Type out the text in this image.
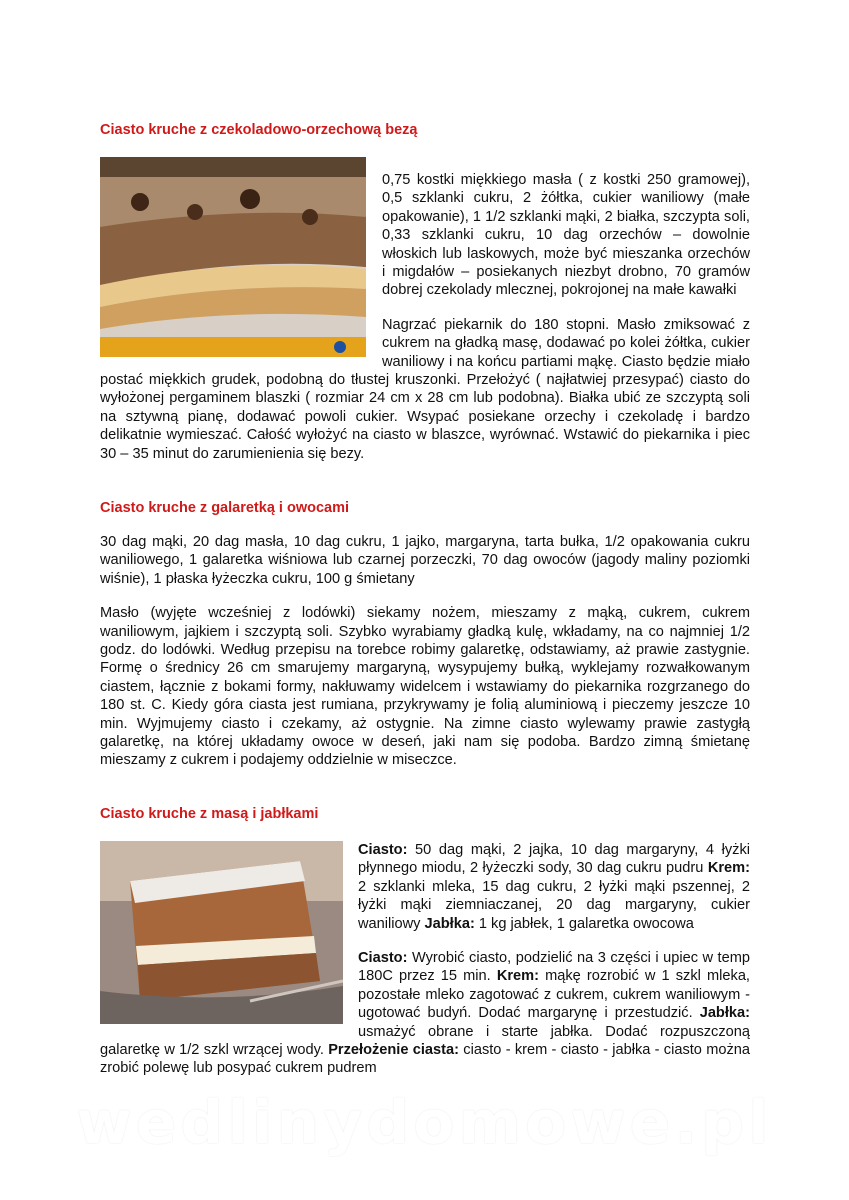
Ciasto kruche z czekoladowo-orzechową bezą

0,75 kostki miękkiego masła ( z kostki 250 gramowej), 0,5 szklanki cukru, 2 żółtka, cukier waniliowy (małe opakowanie), 1 1/2 szklanki mąki, 2 białka, szczypta soli, 0,33 szklanki cukru, 10 dag orzechów – dowolnie włoskich lub laskowych, może być mieszanka orzechów i migdałów – posiekanych niezbyt drobno, 70 gramów dobrej czekolady mlecznej, pokrojonej na małe kawałki

Nagrzać piekarnik do 180 stopni. Masło zmiksować z cukrem na gładką masę, dodawać po kolei żółtka, cukier waniliowy i na końcu partiami mąkę. Ciasto będzie miało postać miękkich grudek, podobną do tłustej kruszonki. Przełożyć ( najłatwiej przesypać) ciasto do wyłożonej pergaminem blaszki ( rozmiar 24 cm x 28 cm lub podobna). Białka ubić ze szczyptą soli na sztywną pianę, dodawać powoli cukier. Wsypać posiekane orzechy i czekoladę i bardzo delikatnie wymieszać. Całość wyłożyć na ciasto w blaszce, wyrównać. Wstawić do piekarnika i piec 30 – 35 minut do zarumienienia się bezy.

Ciasto kruche z galaretką i owocami

30 dag mąki, 20 dag masła, 10 dag cukru, 1 jajko, margaryna, tarta bułka, 1/2 opakowania cukru waniliowego, 1 galaretka wiśniowa lub czarnej porzeczki, 70 dag owoców (jagody maliny poziomki wiśnie), 1 płaska łyżeczka cukru, 100 g śmietany

Masło (wyjęte wcześniej z lodówki) siekamy nożem, mieszamy z mąką, cukrem, cukrem waniliowym, jajkiem i szczyptą soli. Szybko wyrabiamy gładką kulę, wkładamy, na co najmniej 1/2 godz. do lodówki. Według przepisu na torebce robimy galaretkę, odstawiamy, aż prawie zastygnie. Formę o średnicy 26 cm smarujemy margaryną, wysypujemy bułką, wyklejamy rozwałkowanym ciastem, łącznie z bokami formy, nakłuwamy widelcem i wstawiamy do piekarnika rozgrzanego do 180 st. C. Kiedy góra ciasta jest rumiana, przykrywamy je folią aluminiową i pieczemy jeszcze 10 min. Wyjmujemy ciasto i czekamy, aż ostygnie. Na zimne ciasto wylewamy prawie zastygłą galaretkę, na której układamy owoce w deseń, jaki nam się podoba. Bardzo zimną śmietanę mieszamy z cukrem i podajemy oddzielnie w miseczce.

Ciasto kruche z masą i jabłkami

Ciasto: 50 dag mąki, 2 jajka, 10 dag margaryny, 4 łyżki płynnego miodu, 2 łyżeczki sody, 30 dag cukru pudru Krem: 2 szklanki mleka, 15 dag cukru, 2 łyżki mąki pszennej, 2 łyżki mąki ziemniaczanej, 20 dag margaryny, cukier waniliowy Jabłka: 1 kg jabłek, 1 galaretka owocowa

Ciasto: Wyrobić ciasto, podzielić na 3 części i upiec w temp 180C przez 15 min. Krem: mąkę rozrobić w 1 szkl mleka, pozostałe mleko zagotować z cukrem, cukrem waniliowym - ugotować budyń. Dodać margarynę i przestudzić. Jabłka: usmażyć obrane i starte jabłka. Dodać rozpuszczoną galaretkę w 1/2 szkl wrzącej wody. Przełożenie ciasta: ciasto - krem - ciasto - jabłka - ciasto można zrobić polewę lub posypać cukrem pudrem

wedlinydomowe.pl
